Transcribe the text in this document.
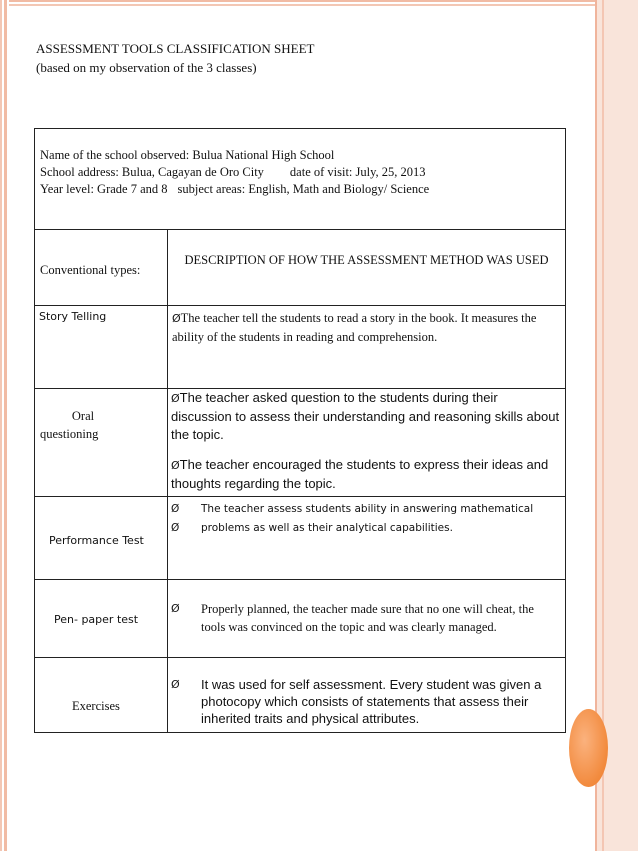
ASSESSMENT TOOLS CLASSIFICATION SHEET
(based on my observation of the 3 classes)
Name of the school observed: Bulua National High School
School address: Bulua, Cagayan de Oro City date of visit: July, 25, 2013
Year level: Grade 7 and 8 subject areas: English, Math and Biology/ Science
Conventional types:
DESCRIPTION OF HOW THE ASSESSMENT METHOD WAS USED
Story Telling	ØThe teacher tell the students to read a story in the book. It measures the ability of the students in reading and comprehension.
Oral
questioning

ØThe teacher asked question to the students during their discussion to assess their understanding and reasoning skills about the topic.

ØThe teacher encouraged the students to express their ideas and thoughts regarding the topic.

Performance Test
Ø The teacher assess students ability in answering mathematical
Ø problems as well as their analytical capabilities.
Pen- paper test
Ø Properly planned, the teacher made sure that no one will cheat, the tools was convinced on the topic and was clearly managed.
Exercises
Ø It was used for self assessment. Every student was given a photocopy which consists of statements that assess their inherited traits and physical attributes.
